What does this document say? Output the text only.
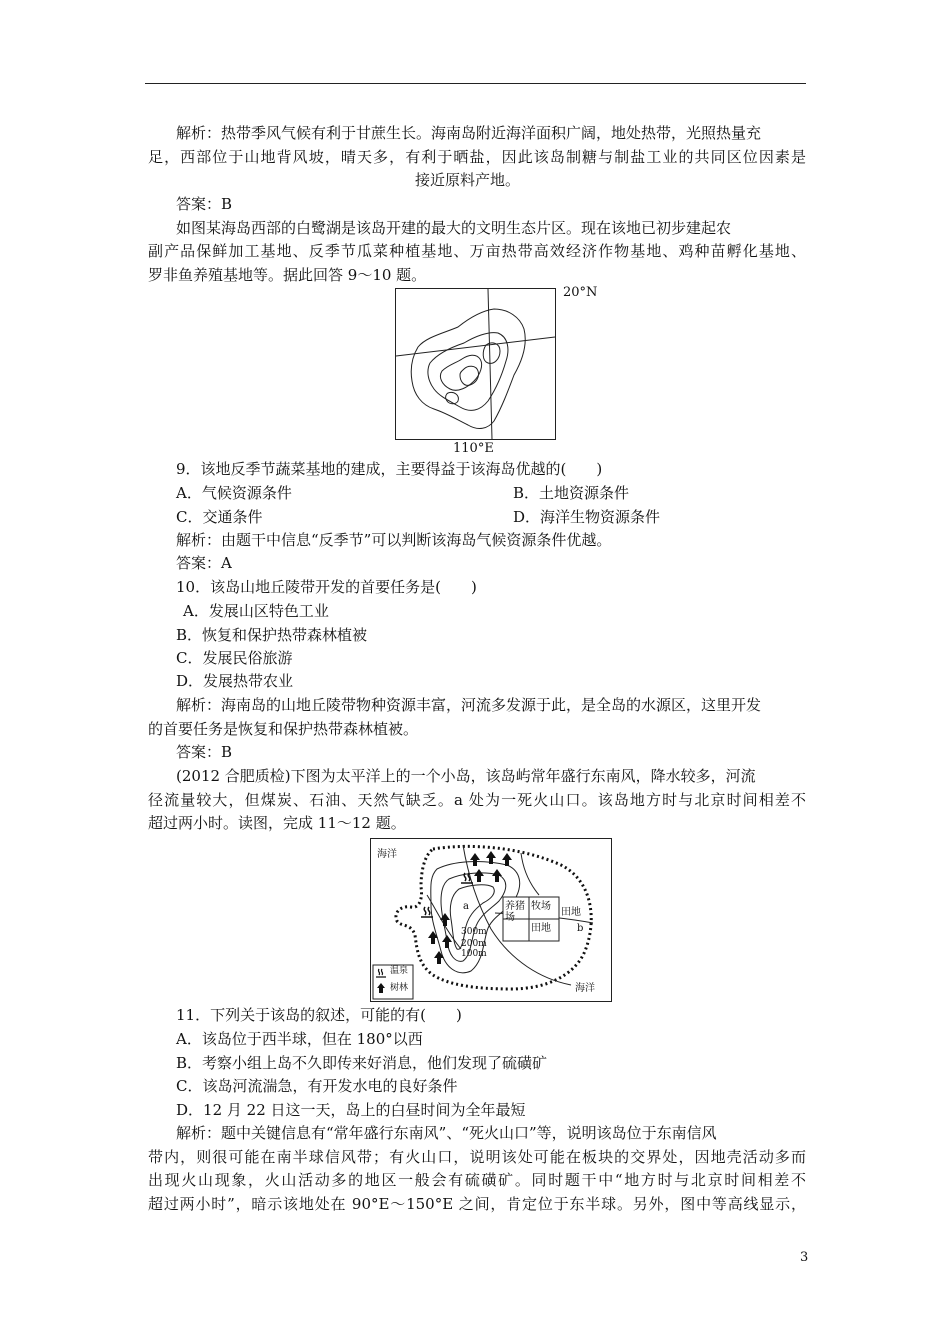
解析：热带季风气候有利于甘蔗生长。海南岛附近海洋面积广阔，地处热带，光照热量充
足，西部位于山地背风坡，晴天多，有利于晒盐，因此该岛制糖与制盐工业的共同区位因素是
接近原料产地。
答案：B
如图某海岛西部的白鹭湖是该岛开建的最大的文明生态片区。现在该地已初步建起农
副产品保鲜加工基地、反季节瓜菜种植基地、万亩热带高效经济作物基地、鸡种苗孵化基地、
罗非鱼养殖基地等。据此回答 9～10 题。
20°N
110°E
9．该地反季节蔬菜基地的建成，主要得益于该海岛优越的(　　)
A．气候资源条件	B．土地资源条件
C．交通条件	D．海洋生物资源条件
解析：由题干中信息“反季节”可以判断该海岛气候资源条件优越。
答案：A
10．该岛山地丘陵带开发的首要任务是(　　)
A．发展山区特色工业
B．恢复和保护热带森林植被
C．发展民俗旅游
D．发展热带农业
解析：海南岛的山地丘陵带物种资源丰富，河流多发源于此，是全岛的水源区，这里开发
的首要任务是恢复和保护热带森林植被。
答案：B
(2012 合肥质检)下图为太平洋上的一个小岛，该岛屿常年盛行东南风，降水较多，河流
径流量较大，但煤炭、石油、天然气缺乏。a 处为一死火山口。该岛地方时与北京时间相差不
超过两小时。读图，完成 11～12 题。
海洋
海洋
牧场
养猪场
田地
田地
a
b
300m
200m
100m
温泉
树林
11．下列关于该岛的叙述，可能的有(　　)
A．该岛位于西半球，但在 180°以西
B．考察小组上岛不久即传来好消息，他们发现了硫磺矿
C．该岛河流湍急，有开发水电的良好条件
D．12 月 22 日这一天，岛上的白昼时间为全年最短
解析：题中关键信息有“常年盛行东南风”、“死火山口”等，说明该岛位于东南信风
带内，则很可能在南半球信风带；有火山口，说明该处可能在板块的交界处，因地壳活动多而
出现火山现象，火山活动多的地区一般会有硫磺矿。同时题干中“地方时与北京时间相差不
超过两小时”，暗示该地处在 90°E～150°E 之间，肯定位于东半球。另外，图中等高线显示，
3
